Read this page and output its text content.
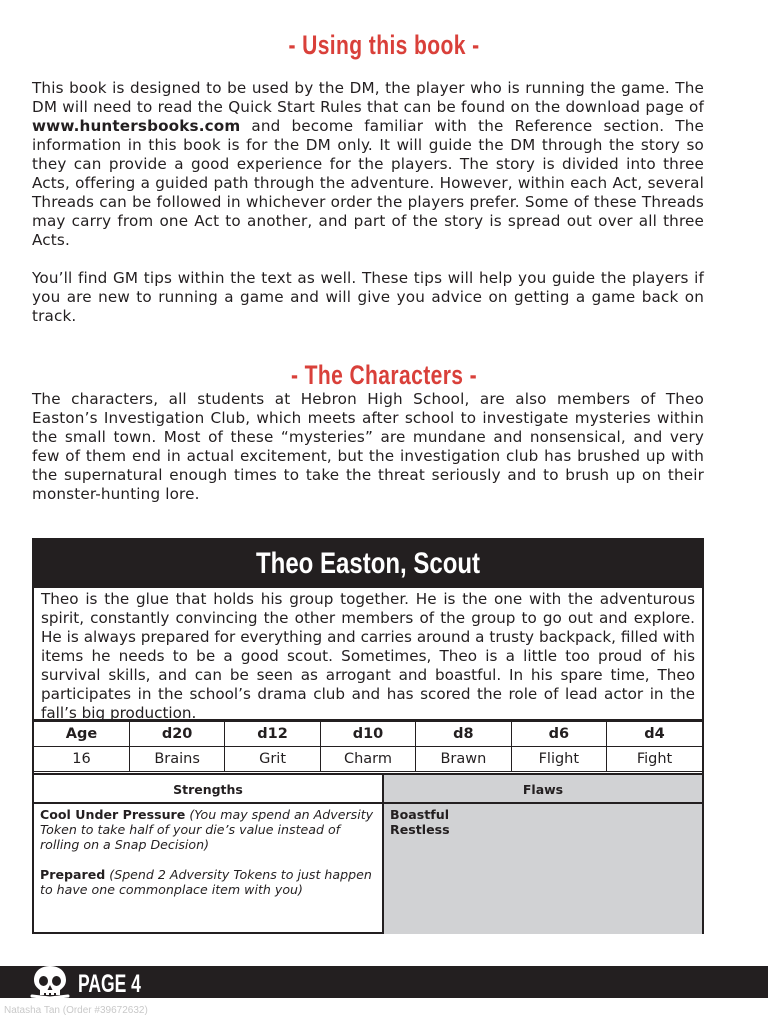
- Using this book -

This book is designed to be used by the DM, the player who is running the game. The DM will need to read the Quick Start Rules that can be found on the download page of www.huntersbooks.com and become familiar with the Reference section. The information in this book is for the DM only. It will guide the DM through the story so they can provide a good experience for the players. The story is divided into three Acts, offering a guided path through the adventure. However, within each Act, several Threads can be followed in whichever order the players prefer. Some of these Threads may carry from one Act to another, and part of the story is spread out over all three Acts.

You’ll find GM tips within the text as well. These tips will help you guide the players if you are new to running a game and will give you advice on getting a game back on track.

- The Characters -

The characters, all students at Hebron High School, are also members of Theo Easton’s Investigation Club, which meets after school to investigate mysteries within the small town. Most of these “mysteries” are mundane and nonsensical, and very few of them end in actual excitement, but the investigation club has brushed up with the supernatural enough times to take the threat seriously and to brush up on their monster-hunting lore.

Theo Easton, Scout
Theo is the glue that holds his group together. He is the one with the adventurous spirit, constantly convincing the other members of the group to go out and explore. He is always prepared for everything and carries around a trusty backpack, filled with items he needs to be a good scout. Sometimes, Theo is a little too proud of his survival skills, and can be seen as arrogant and boastful. In his spare time, Theo participates in the school’s drama club and has scored the role of lead actor in the fall’s big production.
Age	d20	d12	d10	d8	d6	d4
16	Brains	Grit	Charm	Brawn	Flight	Fight
Strengths

Cool Under Pressure (You may spend an Adversity Token to take half of your die’s value instead of rolling on a Snap Decision)

Prepared (Spend 2 Adversity Tokens to just happen to have one commonplace item with you)

Flaws
Boastful
Restless
PAGE 4
Natasha Tan (Order #39672632)
